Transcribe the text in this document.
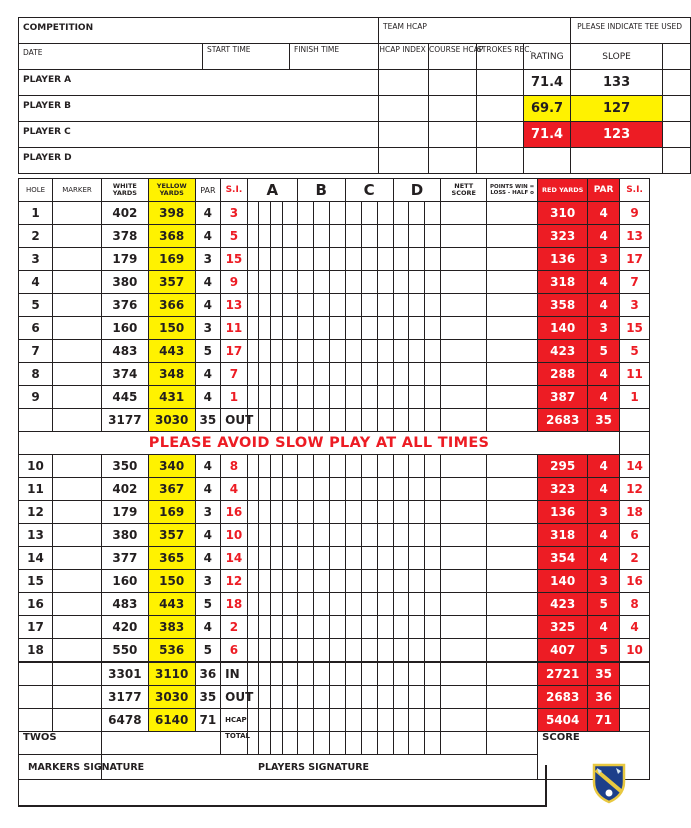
COMPETITION			TEAM HCAP				PLEASE INDICATE TEE USED	
DATE	START TIME	FINISH TIME	HCAP INDEX	COURSE HCAP	STROKES REC.	RATING	SLOPE	
PLAYER A						71.4	133	
PLAYER B						69.7	127	
PLAYER C						71.4	123	
PLAYER D								
HOLE	MARKER	WHITE YARDS	YELLOW YARDS	PAR	S.I.	A				B			C			D			NETT SCORE	POINTS WIN = LOSS - HALF o	RED YARDS	PAR	S.I.
1		402	398	4	3																310	4	9
2		378	368	4	5																323	4	13
3		179	169	3	15																136	3	17
4		380	357	4	9																318	4	7
5		376	366	4	13																358	4	3
6		160	150	3	11																140	3	15
7		483	443	5	17																423	5	5
8		374	348	4	7																288	4	11
9		445	431	4	1																387	4	1
		3177	3030	35	OUT																2683	35	
PLEASE AVOID SLOW PLAY AT ALL TIMES																							
10		350	340	4	8																295	4	14
11		402	367	4	4																323	4	12
12		179	169	3	16																136	3	18
13		380	357	4	10																318	4	6
14		377	365	4	14																354	4	2
15		160	150	3	12																140	3	16
16		483	443	5	18																423	5	8
17		420	383	4	2																325	4	4
18		550	536	5	6																407	5	10
		3301	3110	36	IN																2721	35	
		3177	3030	35	OUT																2683	36	
		6478	6140	71	HCAP																5404	71	
TWOS					TOTAL																SCORE		

MARKERS SIGNATURE	PLAYERS SIGNATURE
